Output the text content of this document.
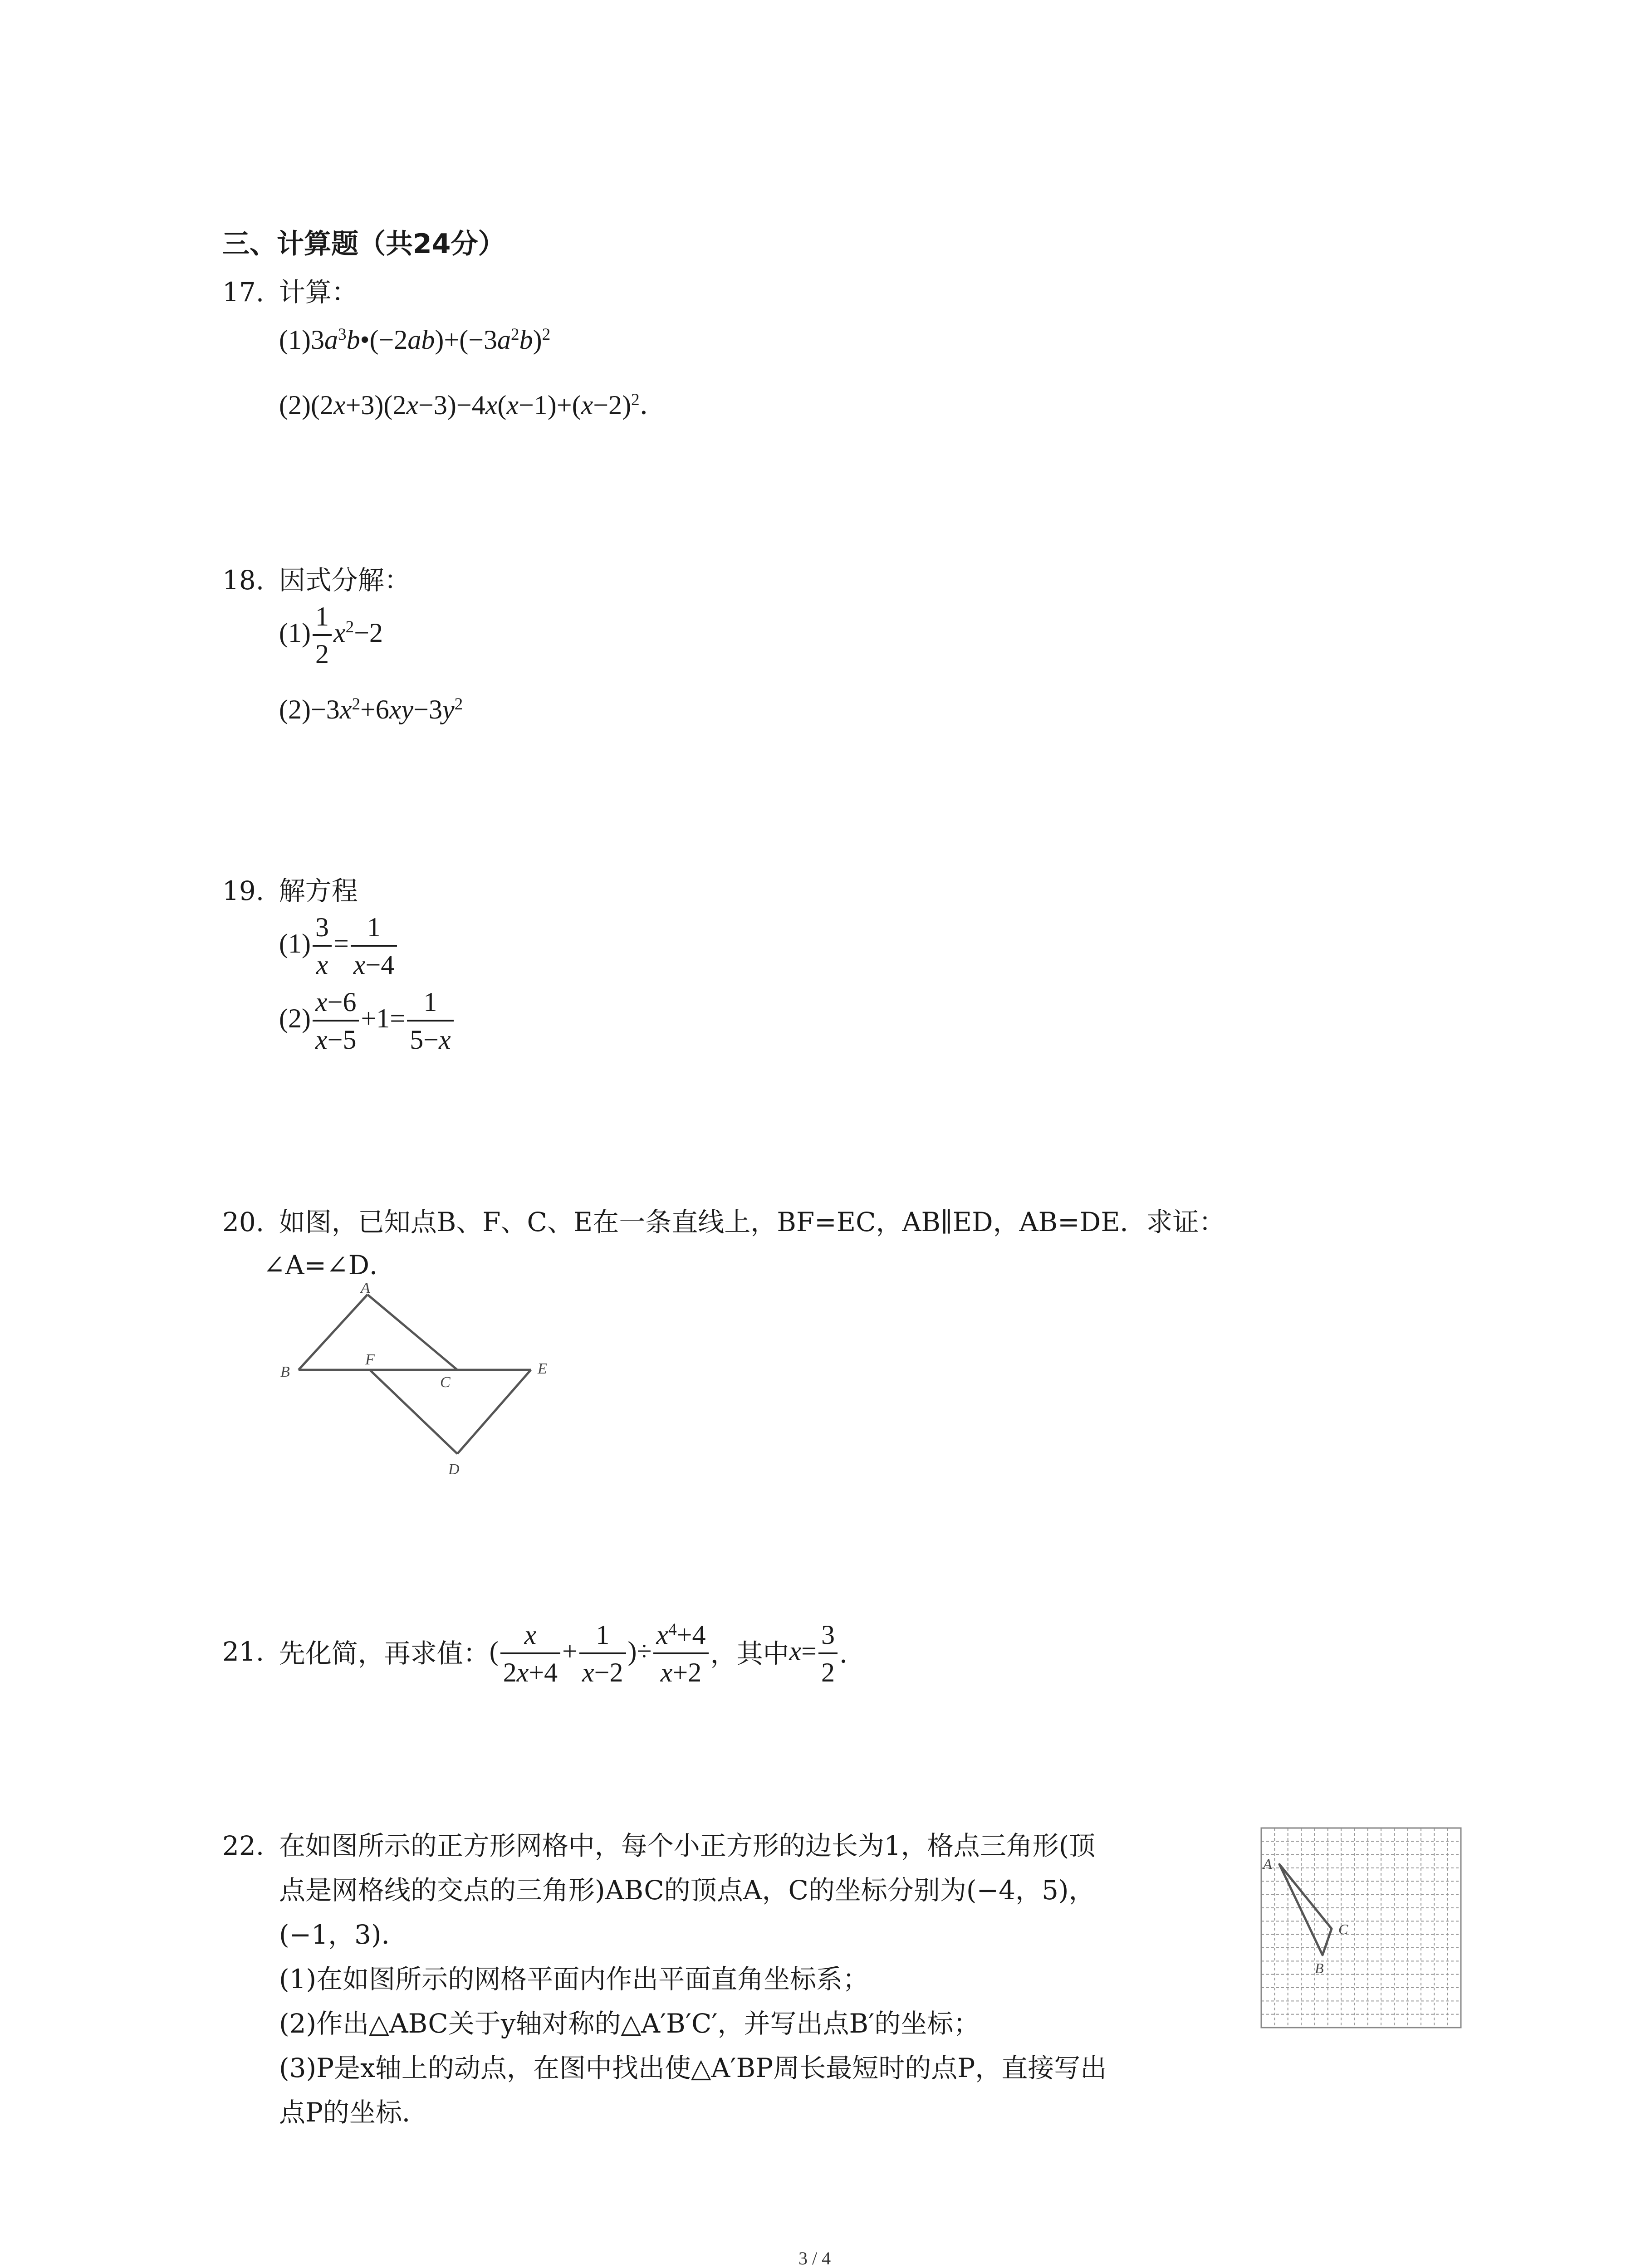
三、计算题（共24分）
17. 计算：
$(1)3a^3b•(-2ab)+(-3a^2b)^2$
$(2)(2x+3)(2x-3)-4x(x-1)+(x-2)^2$．
18. 因式分解：
$(1) \frac{1}{2} x^2-2$
$(2)-3x^2+6xy-3y^2$
19. 解方程
$(1) \frac{3}{x} = \frac{1}{x-4}$
$(2) \frac{x-6}{x-5} +1= \frac{1}{5-x}$
20. 如图，已知点B、F、C、E在一条直线上，BF=EC，AB∥ED，AB=DE．求证：
∠A=∠D．
A
B
F
C
E
D
21. 先化简，再求值：( $\frac{x}{2x+4} + \frac{1}{x-2}$ )÷ $\frac{x^4+4}{x+2}$ ，其中$x= \frac{3}{2}$ ．
22. 在如图所示的正方形网格中，每个小正方形的边长为1，格点三角形(顶
点是网格线的交点的三角形)ABC的顶点A，C的坐标分别为(−4，5)，
(−1，3)．
(1)在如图所示的网格平面内作出平面直角坐标系；
(2)作出△ABC关于y轴对称的△A′B′C′，并写出点B′的坐标；
(3)P是x轴上的动点，在图中找出使△A′BP周长最短时的点P，直接写出
点P的坐标．
A
C
B
3 / 4
